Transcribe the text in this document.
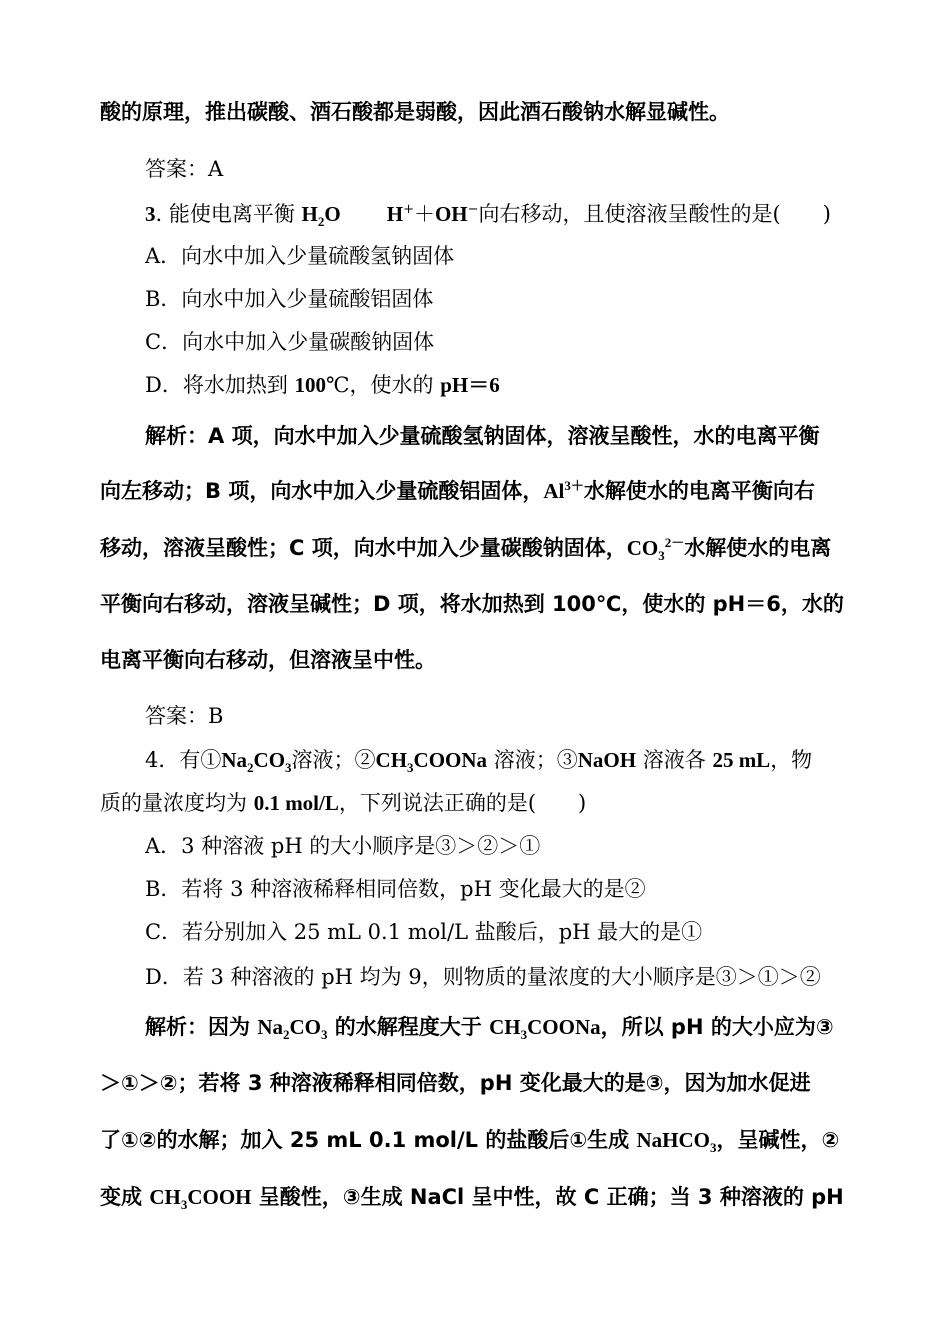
酸的原理，推出碳酸、酒石酸都是弱酸，因此酒石酸钠水解显碱性。
答案：A
3. 能使电离平衡 $H_2O$ H+＋OH−向右移动，且使溶液呈酸性的是(　　)
A．向水中加入少量硫酸氢钠固体
B．向水中加入少量硫酸铝固体
C．向水中加入少量碳酸钠固体
D．将水加热到 100℃，使水的 pH＝6
解析：A 项，向水中加入少量硫酸氢钠固体，溶液呈酸性，水的电离平衡
向左移动；B 项，向水中加入少量硫酸铝固体，$Al^{3+}$水解使水的电离平衡向右
移动，溶液呈酸性；C 项，向水中加入少量碳酸钠固体，$CO_3^{2-}$水解使水的电离
平衡向右移动，溶液呈碱性；D 项，将水加热到 100℃，使水的 pH＝6，水的
电离平衡向右移动，但溶液呈中性。
答案：B
4．有$①Na_2CO_3$溶液；$②CH_3COONa$ 溶液；③NaOH 溶液各 25 mL，物
质的量浓度均为 0.1 mol/L，下列说法正确的是(　　)
A．3 种溶液 pH 的大小顺序是③＞②＞①
B．若将 3 种溶液稀释相同倍数，pH 变化最大的是②
C．若分别加入 25 mL 0.1 mol/L 盐酸后，pH 最大的是①
D．若 3 种溶液的 pH 均为 9，则物质的量浓度的大小顺序是③＞①＞②
解析：因为 $Na_2CO_3$ 的水解程度大于 $CH_3COONa$，所以 pH 的大小应为③
＞①＞②；若将 3 种溶液稀释相同倍数，pH 变化最大的是③，因为加水促进
了①②的水解；加入 25 mL 0.1 mol/L 的盐酸后①生成 NaHCO$_3$，呈碱性，②
变成 $CH_3COOH$ 呈酸性，③生成 NaCl 呈中性，故 C 正确；当 3 种溶液的 pH
